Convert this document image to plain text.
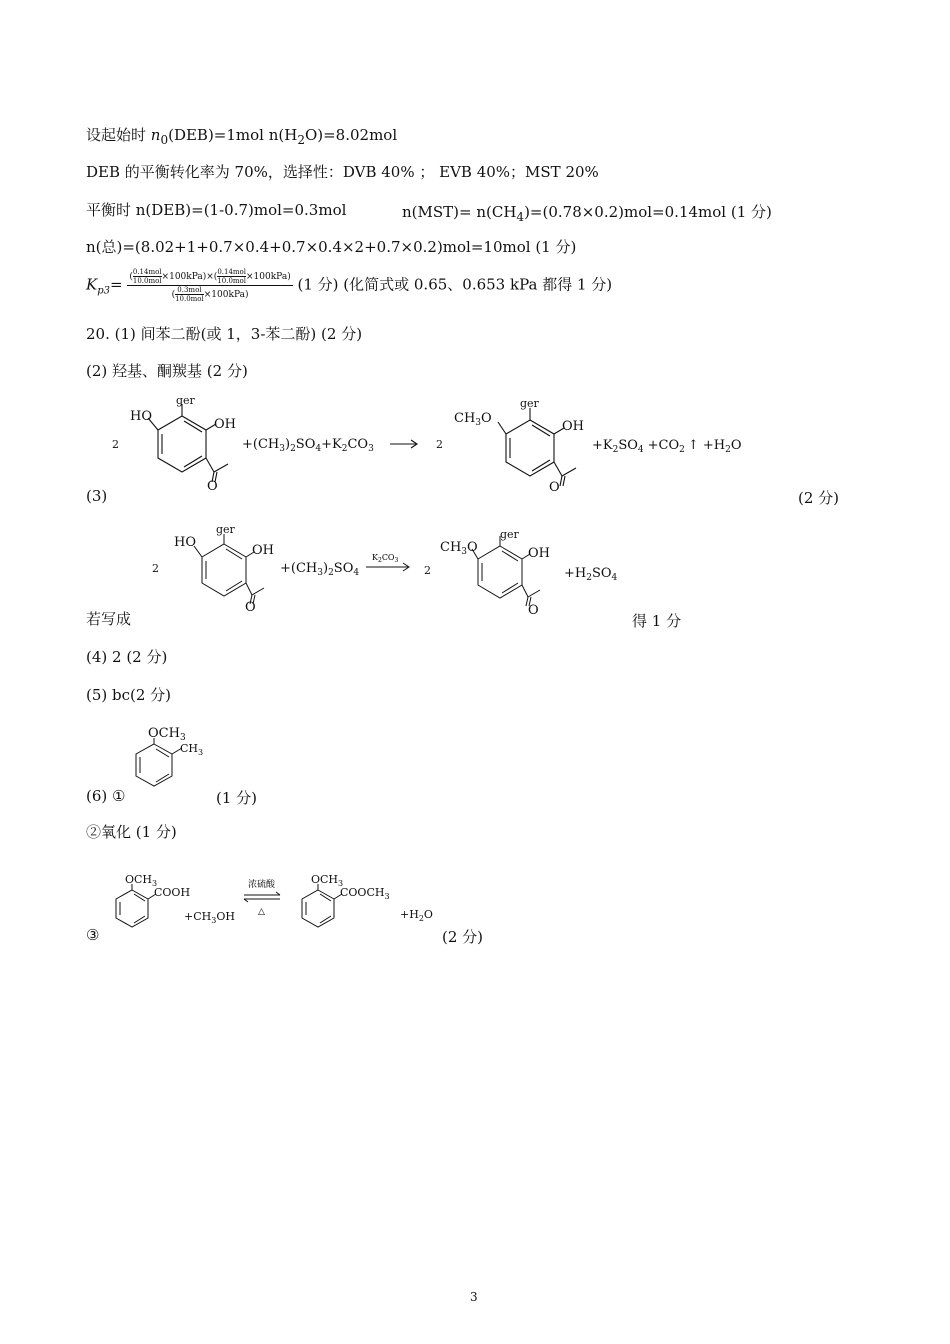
设起始时 $n_0(DEB)=1mol$ $n(H_2O)=8.02mol$
DEB 的平衡转化率为 70%，选择性：DVB 40% ； EVB 40%；MST 20%
平衡时 n(DEB)=(1-0.7)mol=0.3mol	$n(MST)= n(CH_4)=(0.78\times 0.2)mol=0.14mol$ (1 分)
n(总)=(8.02+1+0.7×0.4+0.7×0.4×2+0.7×0.2)mol=10mol (1 分)
$K_{p3}=$ ( 0.14mol
10.0mol ×100kPa)×( 0.14mol
10.0mol ×100kPa)
( 0.3mol
10.0mol ×100kPa) (1 分) (化简式或 0.65、0.653 kPa 都得 1 分)
20. (1) 间苯二酚(或 1，3-苯二酚) (2 分)
(2) 羟基、酮羰基 (2 分)
2
HO
ger
OH
O
$+(CH_3)_2SO_4+K_2CO_3$	2
$CH_3O$
ger
OH
O
$+K_2SO_4 +CO_2$ ↑ $+H_2O$
(3)	(2 分)
2
HO
ger
OH
O
$+(CH_3)_2SO_4$
$K_2CO_3$
2
$CH_3O$
ger
OH
O
$+H_2SO_4$
若写成	得 1 分
(4) 2 (2 分)
(5) bc(2 分)
$OCH_3$
$CH_3$
(6) ①	(1 分)
②氧化 (1 分)
$OCH_3$
COOH
$+CH_3OH$
浓硫酸
△
$OCH_3$
$COOCH_3$
$+H_2O$
③	(2 分)
3
